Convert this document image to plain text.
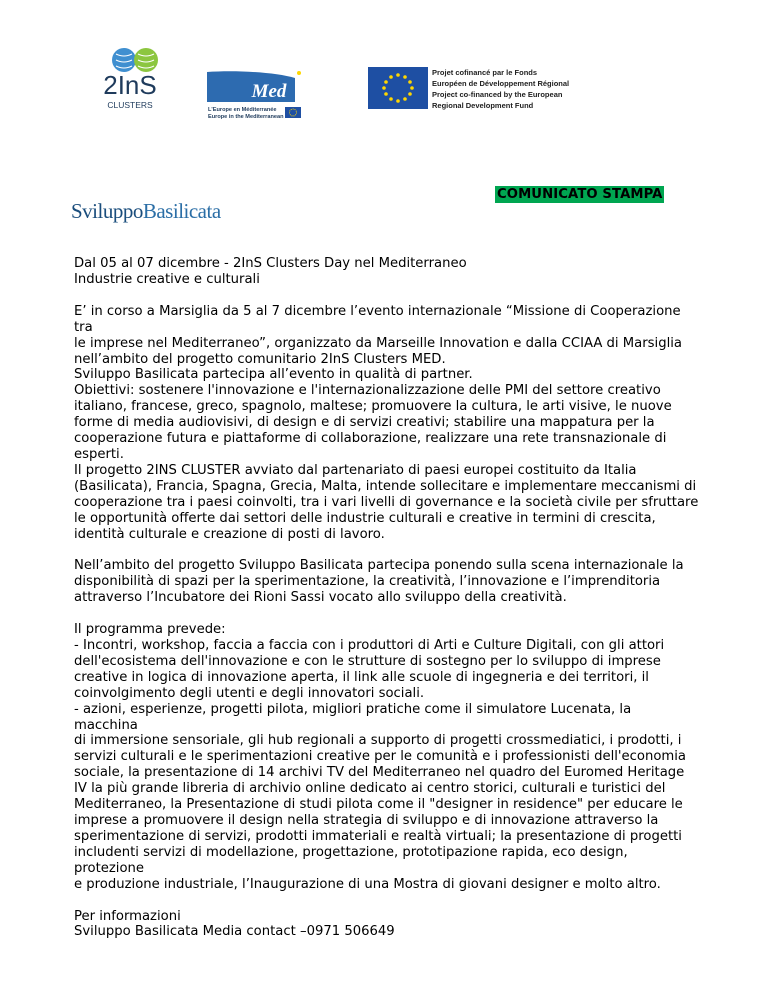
2InS
CLUSTERS
Med
L'Europe en Méditerranée
Europe in the Mediterranean
Projet cofinancé par le Fonds
Européen de Développement Régional
Project co-financed by the European
Regional Development Fund
COMUNICATO STAMPA
SviluppoBasilicata

Dal 05 al 07 dicembre - 2InS Clusters Day nel Mediterraneo
Industrie creative e culturali

E’ in corso a Marsiglia da 5 al 7 dicembre l’evento internazionale “Missione di Cooperazione tra
le imprese nel Mediterraneo”, organizzato da Marseille Innovation e dalla CCIAA di Marsiglia
nell’ambito del progetto comunitario 2InS Clusters MED.
Sviluppo Basilicata partecipa all’evento in qualità di partner.
Obiettivi: sostenere l'innovazione e l'internazionalizzazione delle PMI del settore creativo
italiano, francese, greco, spagnolo, maltese; promuovere la cultura, le arti visive, le nuove
forme di media audiovisivi, di design e di servizi creativi; stabilire una mappatura per la
cooperazione futura e piattaforme di collaborazione, realizzare una rete transnazionale di
esperti.
Il progetto 2INS CLUSTER avviato dal partenariato di paesi europei costituito da Italia
(Basilicata), Francia, Spagna, Grecia, Malta, intende sollecitare e implementare meccanismi di
cooperazione tra i paesi coinvolti, tra i vari livelli di governance e la società civile per sfruttare
le opportunità offerte dai settori delle industrie culturali e creative in termini di crescita,
identità culturale e creazione di posti di lavoro.

Nell’ambito del progetto Sviluppo Basilicata partecipa ponendo sulla scena internazionale la
disponibilità di spazi per la sperimentazione, la creatività, l’innovazione e l’imprenditoria
attraverso l’Incubatore dei Rioni Sassi vocato allo sviluppo della creatività.

Il programma prevede:
- Incontri, workshop, faccia a faccia con i produttori di Arti e Culture Digitali, con gli attori
dell'ecosistema dell'innovazione e con le strutture di sostegno per lo sviluppo di imprese
creative in logica di innovazione aperta, il link alle scuole di ingegneria e dei territori, il
coinvolgimento degli utenti e degli innovatori sociali.
- azioni, esperienze, progetti pilota, migliori pratiche come il simulatore Lucenata, la macchina
di immersione sensoriale, gli hub regionali a supporto di progetti crossmediatici, i prodotti, i
servizi culturali e le sperimentazioni creative per le comunità e i professionisti dell'economia
sociale, la presentazione di 14 archivi TV del Mediterraneo nel quadro del Euromed Heritage
IV la più grande libreria di archivio online dedicato ai centro storici, culturali e turistici del
Mediterraneo, la Presentazione di studi pilota come il "designer in residence" per educare le
imprese a promuovere il design nella strategia di sviluppo e di innovazione attraverso la
sperimentazione di servizi, prodotti immateriali e realtà virtuali; la presentazione di progetti
includenti servizi di modellazione, progettazione, prototipazione rapida, eco design, protezione
e produzione industriale, l’Inaugurazione di una Mostra di giovani designer e molto altro.

Per informazioni
Sviluppo Basilicata Media contact –0971 506649
